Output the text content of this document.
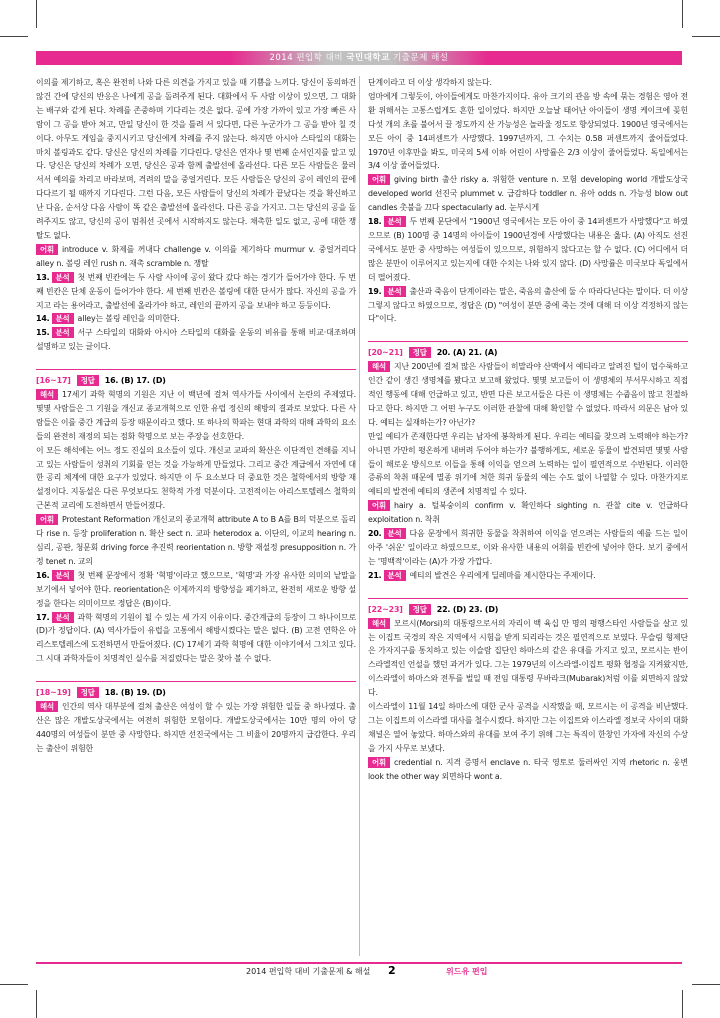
2014 편입학 대비 국민대학교 기출문제 해설

이의를 제기하고, 혹은 완전히 나와 다른 의견을 가지고 있을 때 기쁨을 느끼다. 당신이 동의하건 않건 간에 당신의 반응은 나에게 공을 돌려주게 된다. 대화에서 두 사람 이상이 있으면, 그 대화는 배구와 같게 된다. 차례를 존중하며 기다리는 것은 없다. 공에 가장 가까이 있고 가장 빠른 사람이 그 공을 받아 쳐고, 만일 당신이 한 것을 틀려 서 있다면, 다른 누군가가 그 공을 받아 칠 것이다. 아무도 게임을 중지시키고 당신에게 차례를 주지 않는다. 하지만 아시아 스타일의 대화는 마치 볼링과도 같다. 당신은 당신의 차례를 기다린다. 당신은 연자나 몇 번째 순서인지를 알고 있다. 당신은 당신의 차례가 오면, 당신은 공과 함께 출발선에 올라선다. 다른 모든 사람들은 물러서서 예의를 차리고 바라보며, 격려의 말을 중얼거린다. 모든 사람들은 당신의 공이 레인의 끝에 다다르기 될 때까지 기다린다. 그런 다음, 모든 사람들이 당신의 차례가 끝났다는 것을 확신하고 난 다음, 순서상 다음 사람이 똑 같은 출발선에 올라선다. 다른 공을 가지고. 그는 당신의 공을 돌려주지도 않고, 당신의 공이 멈춰선 곳에서 시작하지도 않는다. 채촉한 일도 없고, 공에 대한 쟁탈도 없다.

어휘 introduce v. 화제를 꺼내다 challenge v. 이의를 제기하다 murmur v. 중얼거리다 alley n. 볼링 레인 rush n. 재촉 scramble n. 쟁탈

13. 분석 첫 번째 빈칸에는 두 사람 사이에 공이 왔다 갔다 하는 경기가 들어가야 한다. 두 번째 빈칸은 단체 운동이 들어가야 한다. 세 번째 빈칸은 볼링에 대한 단서가 많다. 자신의 공을 가지고 라는 용어라고, 출발선에 올라가야 하고, 레인의 끝까지 공을 보내야 하고 등등이다.

14. 분석 alley는 볼링 레인을 의미한다.

15. 분석 서구 스타일의 대화와 아시아 스타일의 대화를 운동의 비유를 통해 비교·대조하며 설명하고 있는 글이다.

[16~17] 정답 16. (B) 17. (D)

해석 17세기 과학 혁명의 기원은 지난 이 백년에 걸쳐 역사가들 사이에서 논란의 주제였다. 몇몇 사람들은 그 기원을 개신교 종교개혁으로 인한 유럽 정신의 해방의 결과로 보았다. 다른 사람들은 이를 중간 계급의 등장 때문이라고 했다. 또 하나의 학파는 현대 과학의 대해 과학의 요소들의 완전히 재정의 되는 점화 학명으로 보는 주장을 선호한다.

이 모든 해석에는 어느 정도 진실의 요소들이 있다. 개신교 교파의 확산은 이단적인 견해를 지니고 있는 사람들이 성취의 기회를 얻는 것을 가능하게 만들었다. 그리고 중간 계급에서 자연에 대한 공리 체계에 대한 요구가 있었다. 하지만 이 두 요소보다 더 중요한 것은 철학에서의 방향 재설정이다. 지동설은 다른 무엇보다도 천학적 가정 덕분이다. 고전적이는 아리스토텔레스 철학의 근본적 교리에 도전하면서 만들어졌다.

어휘 Protestant Reformation 개신교의 종교개혁 attribute A to B A를 B의 덕분으로 돌리다 rise n. 등장 proliferation n. 확산 sect n. 교파 heterodox a. 이단의, 이교의 hearing n. 심리, 공판, 청문회 driving force 추진력 reorientation n. 방향 재설정 presupposition n. 가정 tenet n. 교의

16. 분석 첫 번째 문장에서 정확 '혁명'이라고 했으므로, '혁명'과 가장 유사한 의미의 낱말을 보기에서 넣어야 한다. reorientation은 이제까지의 방향성을 폐기하고, 완전히 새로운 방향 설정을 한다는 의미이므로 정답은 (B)이다.

17. 분석 과학 혁명의 기원이 될 수 있는 세 가지 이유이다. 중간계급의 등장이 그 하나이므로 (D)가 정답이다. (A) 역사가들이 유럽을 고통에서 해방시켰다는 말은 없다. (B) 고전 연학은 아리스토텔레스에 도전하면서 만들어졌다. (C) 17세기 과학 혁명에 대한 이야기에서 그치고 있다. 그 시대 과학자들이 치명적인 실수를 저질렀다는 말은 찾아 볼 수 없다.

[18~19] 정답 18. (B) 19. (D)

해석 인간의 역사 대부분에 걸쳐 출산은 여성이 할 수 있는 가장 위험한 일들 중 하나였다. 출산은 많은 개발도상국에서는 여전히 위험한 모험이다. 개발도상국에서는 10만 명의 아이 당 440명의 여성들이 분만 중 사망한다. 하지만 선진국에서는 그 비율이 20명까지 급감한다. 우리는 출산이 위험한

단계이라고 더 이상 생각하지 않는다.

엄마에게 그렇듯이, 아이들에게도 마찬가지이다. 유아 크기의 관음 방 속에 묶는 경험은 영아 전환 위해서는 고통스럽게도 흔한 일이었다. 하지만 오늘날 태어난 아이들이 생명 케이크에 꽂힌 다섯 개의 초를 불어서 끌 정도까지 산 가능성은 놀라울 정도로 향상되었다. 1900년 영국에서는 모든 아이 중 14퍼센트가 사망했다. 1997년까지, 그 수치는 0.58 퍼센트까지 줄어들었다. 1970년 이후만을 봐도, 미국의 5세 이하 어린이 사망률은 2/3 이상이 줄어들었다. 독일에서는 3/4 이상 줄어들었다.

어휘 giving birth 출산 risky a. 위험한 venture n. 모험 developing world 개발도상국 developed world 선진국 plummet v. 급감하다 toddler n. 유아 odds n. 가능성 blow out candles 촛불을 끄다 spectacularly ad. 눈부시게

18. 분석 두 번째 문단에서 "1900년 영국에서는 모든 아이 중 14퍼센트가 사망했다"고 하였으므로 (B) 100명 중 14명의 아이들이 1900년경에 사망했다는 내용은 옳다. (A) 아직도 선진국에서도 분만 중 사망하는 여성들이 있으므로, 위험하지 않다고는 할 수 없다. (C) 어디에서 더 많은 분만이 이루어지고 있는지에 대한 수치는 나와 있지 않다. (D) 사망률은 미국보다 독일에서 더 떨어졌다.

19. 분석 출산과 죽음이 단계이라는 말은, 죽음의 출산에 둘 수 따라다닌다는 말이다. 더 이상 그렇지 않다고 하였으므로, 정답은 (D) "여성이 분만 중에 죽는 것에 대해 더 이상 걱정하지 않는다"이다.

[20~21] 정답 20. (A) 21. (A)

해석 지난 200년에 걸쳐 많은 사람들이 히말라야 산맥에서 예티라고 알려진 털이 덥수룩하고 인간 같이 생긴 생명체를 봤다고 보고해 왔었다. 몇몇 보고들이 이 생명체의 부서무시하고 직접적인 행동에 대해 언급하고 있고, 반면 다른 보고서들은 다른 이 생명체는 수줍음이 많고 친절하다고 한다. 하지만 그 어떤 누구도 이러한 관찰에 대해 확인할 수 없었다. 따라서 의문은 남아 있다. 예티는 실재하는가? 아닌가?

만일 예티가 존재한다면 우리는 남자에 봉착하게 된다. 우리는 예티를 찾으려 노력해야 하는가? 아니면 가만히 평온하게 내버려 두어야 하는가? 불행하게도, 세로운 동물이 발견되면 몇몇 사람들이 해로운 방식으로 이들을 통해 이익을 얻으려 노력하는 일이 필연적으로 수반된다. 이러한 증류의 착취 때문에 멸종 위기에 처한 희귀 동물의 예는 수도 없이 나열할 수 있다. 마찬가지로 예티의 발견에 예티의 생존에 치명적일 수 있다.

어휘 hairy a. 털북숭이의 confirm v. 확인하다 sighting n. 관찰 cite v. 언급하다 exploitation n. 착취

20. 분석 다음 문장에서 희귀한 동물을 착취하여 이익을 얻으려는 사람들의 예를 드는 일이 아주 '쉬운' 일이라고 하였으므로, 이와 유사한 내용의 어휘를 빈칸에 넣어야 한다. 보기 중에서는 '명백적'이라는 (A)가 가장 가깝다.

21. 분석 예티의 발견은 우리에게 딜레마를 제시한다는 주제이다.

[22~23] 정답 22. (D) 23. (D)

해석 모르시(Morsi)의 대통령으로서의 자리이 백 육십 만 명의 평행스타인 사람들을 살고 있는 이집트 국경의 작은 지역에서 시험을 받게 되리라는 것은 필연적으로 보였다. 무슬림 형제단은 가자지구를 통치하고 있는 이슬람 집단인 하마스의 같은 유대를 가지고 있고, 모르시는 반이스라엘적인 언설을 했던 과거가 있다. 그는 1979년의 이스라엘-이집트 평화 협정을 지켜왔지만, 이스라엘이 하마스와 전투를 벌일 때 전임 대통령 무바라크(Mubarak)처럼 이를 외면하지 않았다.

이스라엘이 11월 14일 하마스에 대한 군사 공격을 시작했을 때, 모르시는 이 공격을 비난했다. 그는 이집트의 이스라엘 대사를 철수시켰다. 하지만 그는 이집트와 이스라엘 정보국 사이의 대화 채널은 열어 놓았다. 하마스와의 유대를 보여 주기 위해 그는 특직이 한창인 가자에 자신의 수상을 가지 사무로 보냈다.

어휘 credential n. 지격 증명서 enclave n. 타국 영토로 둘러싸인 지역 rhetoric n. 웅변 look the other way 외면하다 wont a.

2014 편입학 대비 기출문제 & 해설 2	위드유 편입
